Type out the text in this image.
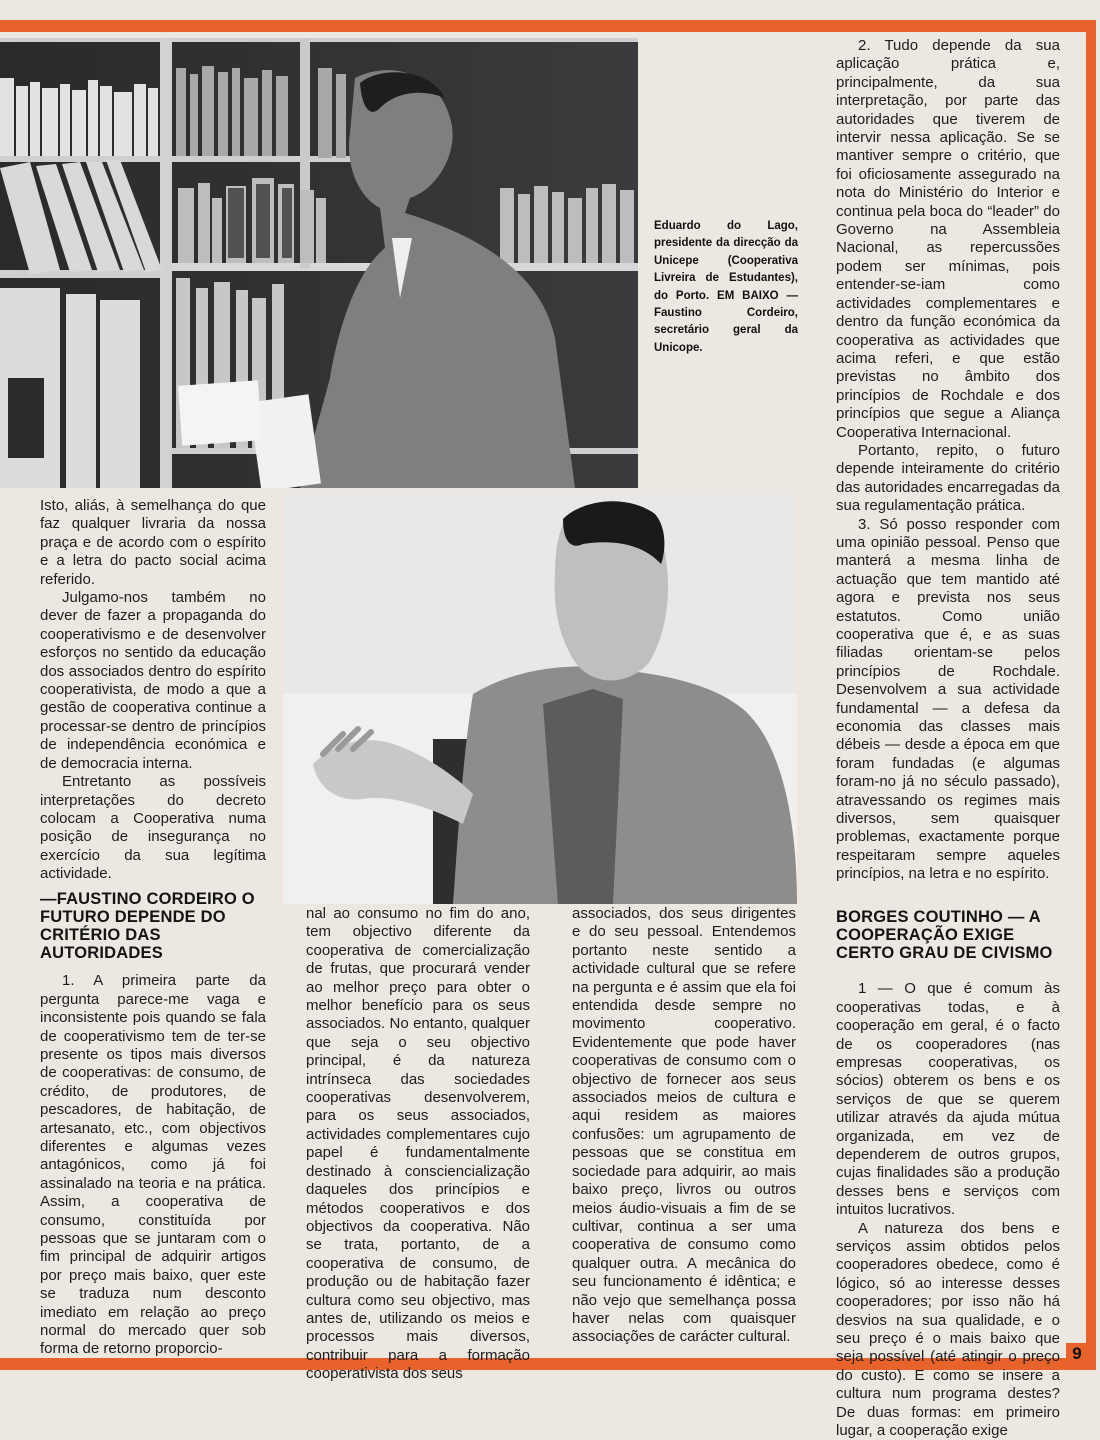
Eduardo do Lago, presidente da direcção da Unicepe (Cooperativa Livreira de Estudantes), do Porto. EM BAIXO — Faustino Cordeiro, secretário geral da Unicope.

Isto, aliás, à semelhança do que faz qualquer livraria da nossa praça e de acordo com o espírito e a letra do pacto social acima referido.

Julgamo-nos também no dever de fazer a propaganda do cooperativismo e de desenvolver esforços no sentido da educação dos associados dentro do espírito cooperativista, de modo a que a gestão de cooperativa continue a processar-se dentro de princípios de independência económica e de democracia interna.

Entretanto as possíveis interpretações do decreto colocam a Cooperativa numa posição de insegurança no exercício da sua legítima actividade.

—FAUSTINO CORDEIRO O FUTURO DEPENDE DO CRITÉRIO DAS AUTORIDADES

1. A primeira parte da pergunta parece-me vaga e inconsistente pois quando se fala de cooperativismo tem de ter-se presente os tipos mais diversos de cooperativas: de consumo, de crédito, de produtores, de pescadores, de habitação, de artesanato, etc., com objectivos diferentes e algumas vezes antagónicos, como já foi assinalado na teoria e na prática. Assim, a cooperativa de consumo, constituída por pessoas que se juntaram com o fim principal de adquirir artigos por preço mais baixo, quer este se traduza num desconto imediato em relação ao preço normal do mercado quer sob forma de retorno proporcio-

nal ao consumo no fim do ano, tem objectivo diferente da cooperativa de comercialização de frutas, que procurará vender ao melhor preço para obter o melhor benefício para os seus associados. No entanto, qualquer que seja o seu objectivo principal, é da natureza intrínseca das sociedades cooperativas desenvolverem, para os seus associados, actividades complementares cujo papel é fundamentalmente destinado à consciencialização daqueles dos princípios e métodos cooperativos e dos objectivos da cooperativa. Não se trata, portanto, de a cooperativa de consumo, de produção ou de habitação fazer cultura como seu objectivo, mas antes de, utilizando os meios e processos mais diversos, contribuir para a formação cooperativista dos seus

associados, dos seus dirigentes e do seu pessoal. Entendemos portanto neste sentido a actividade cultural que se refere na pergunta e é assim que ela foi entendida desde sempre no movimento cooperativo. Evidentemente que pode haver cooperativas de consumo com o objectivo de fornecer aos seus associados meios de cultura e aqui residem as maiores confusões: um agrupamento de pessoas que se constitua em sociedade para adquirir, ao mais baixo preço, livros ou outros meios áudio-visuais a fim de se cultivar, continua a ser uma cooperativa de consumo como qualquer outra. A mecânica do seu funcionamento é idêntica; e não vejo que semelhança possa haver nelas com quaisquer associações de carácter cultural.

2. Tudo depende da sua aplicação prática e, principalmente, da sua interpretação, por parte das autoridades que tiverem de intervir nessa aplicação. Se se mantiver sempre o critério, que foi oficiosamente assegurado na nota do Ministério do Interior e continua pela boca do “leader” do Governo na Assembleia Nacional, as repercussões podem ser mínimas, pois entender-se-iam como actividades complementares e dentro da função económica da cooperativa as actividades que acima referi, e que estão previstas no âmbito dos princípios de Rochdale e dos princípios que segue a Aliança Cooperativa Internacional.

Portanto, repito, o futuro depende inteiramente do critério das autoridades encarregadas da sua regulamentação prática.

3. Só posso responder com uma opinião pessoal. Penso que manterá a mesma linha de actuação que tem mantido até agora e prevista nos seus estatutos. Como união cooperativa que é, e as suas filiadas orientam-se pelos princípios de Rochdale. Desenvolvem a sua actividade fundamental — a defesa da economia das classes mais débeis — desde a época em que foram fundadas (e algumas foram-no já no século passado), atravessando os regimes mais diversos, sem quaisquer problemas, exactamente porque respeitaram sempre aqueles princípios, na letra e no espírito.

BORGES COUTINHO — A COOPERAÇÃO EXIGE CERTO GRAU DE CIVISMO

1 — O que é comum às cooperativas todas, e à cooperação em geral, é o facto de os cooperadores (nas empresas cooperativas, os sócios) obterem os bens e os serviços de que se querem utilizar através da ajuda mútua organizada, em vez de dependerem de outros grupos, cujas finalidades são a produção desses bens e serviços com intuitos lucrativos.

A natureza dos bens e serviços assim obtidos pelos cooperadores obedece, como é lógico, só ao interesse desses cooperadores; por isso não há desvios na sua qualidade, e o seu preço é o mais baixo que seja possível (até atingir o preço do custo). E como se insere a cultura num programa destes? De duas formas: em primeiro lugar, a cooperação exige

9
